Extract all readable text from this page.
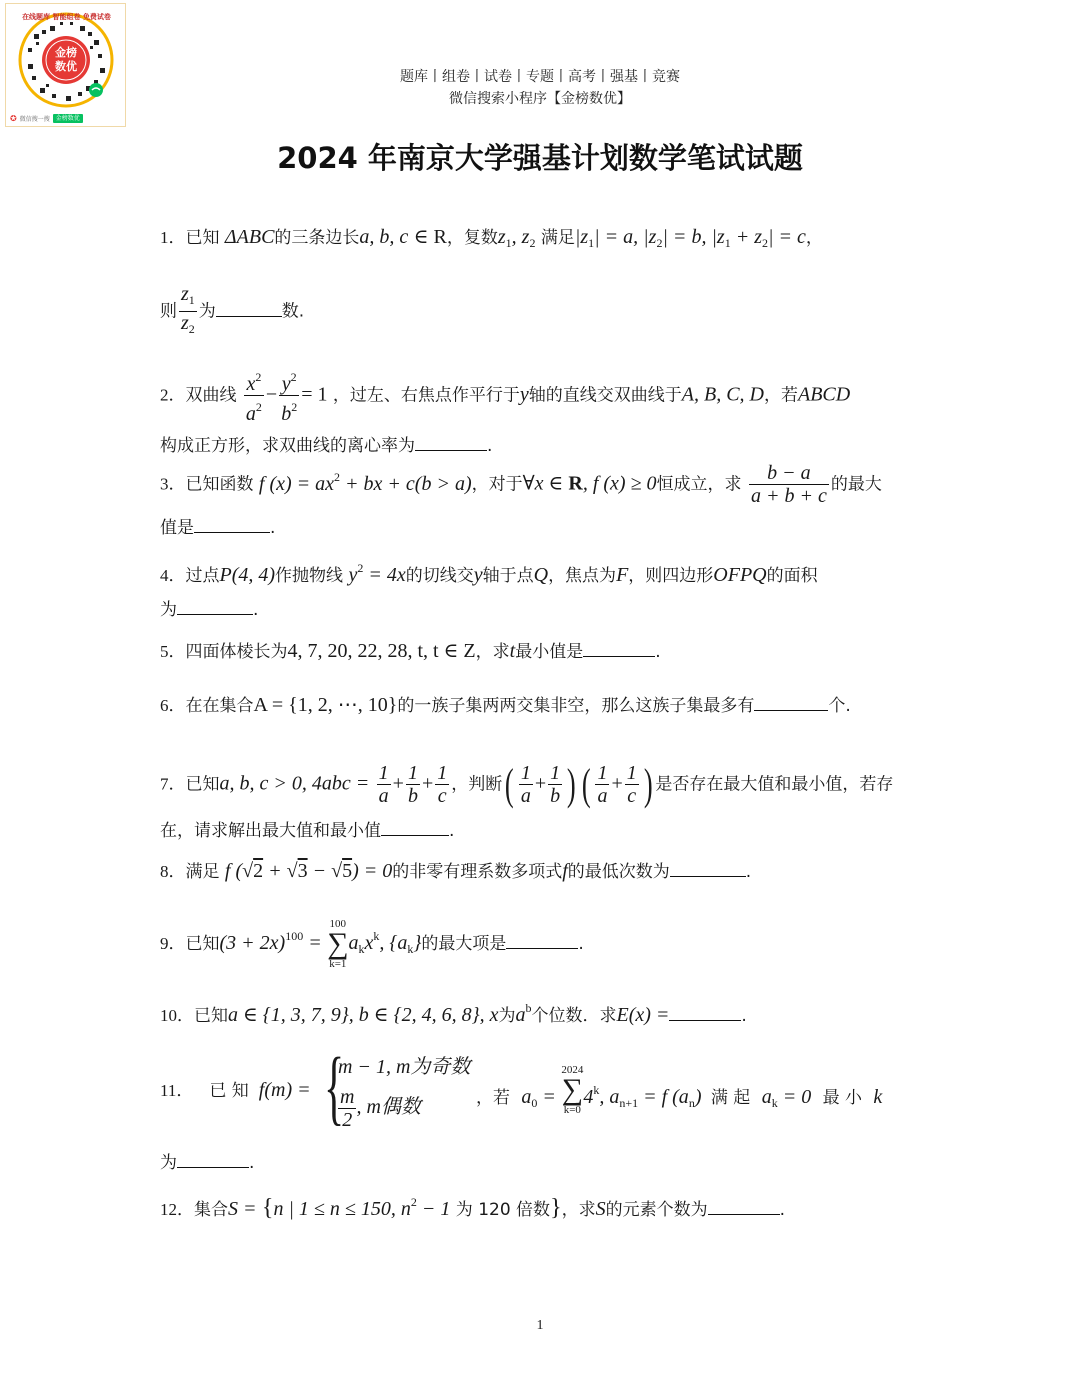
在线题库 智能组卷 免费试卷
金榜
数优
✪ 微信搜一搜	金榜数优
题库丨组卷丨试卷丨专题丨高考丨强基丨竞赛
微信搜索小程序【金榜数优】
2024 年南京大学强基计划数学笔试试题
1．已知 ΔABC的三条边长a, b, c ∈ R，复数$z_1$, $z_2$ 满足$|z_1| = a$, $|z_2| = b$, $|z_1 + z_2| = c$，
则 $\frac{z_1}{z_2}$ 为	数.
2．双曲线 $\frac{x^2}{a^2} - \frac{y^2}{b^2} = 1$ ，过左、右焦点作平行于y轴的直线交双曲线于A, B, C, D，若ABCD
构成正方形，求双曲线的离心率为	.
3．已知函数 f $(x) = ax^2$ + bx + c(b > a)，对于∀x ∈ R, f (x) ≥ 0恒成立，求 $\frac{b - a}{a + b + c}$ 的最大
值是	.
4．过点P(4, 4)作抛物线 $y^2 = 4x$的切线交y轴于点Q，焦点为F，则四边形OFPQ的面积
为	.
5．四面体棱长为4, 7, 20, 22, 28, t, t ∈ Z，求t最小值是	.
6．在在集合A = {1, 2, ⋯, 10}的一族子集两两交集非空，那么这族子集最多有	个.
7．已知a, b, c > 0, $4abc = \frac{1}{a} + \frac{1}{b} + \frac{1}{c}$ ，判断( $\frac{1}{a} + \frac{1}{b}$ ) ( $\frac{1}{a} + \frac{1}{c}$ ) 是否存在最大值和最小值，若存
在，请求解出最大值和最小值	.
8．满足 f (√2 + √3 − √5) = 0的非零有理系数多项式f的最低次数为	.
9．已知$(3 + 2x)^{100}$ =
100
∑
k=1
$a_kx^k$, $\{a_k\}$的最大项是	.
10．已知a ∈ {1, 3, 7, 9}, b ∈ {2, 4, 6, 8}, x为$a^b$个位数．求E(x) =	.
11． 已 知 f(m) = {
m − 1, m为奇数
$\frac{m}{2}$ , m偶数	，若 $a_0$ =
2024
∑
k=0
4$^k$, $a_{n+1} = f$ $(a_n)$ 满 起 $a_k = 0$ 最 小 k
为	.
12．集合S = {n | 1 ≤ n ≤ 150, $n^2 - 1$ 为 120 倍数}，求S的元素个数为	.
1
